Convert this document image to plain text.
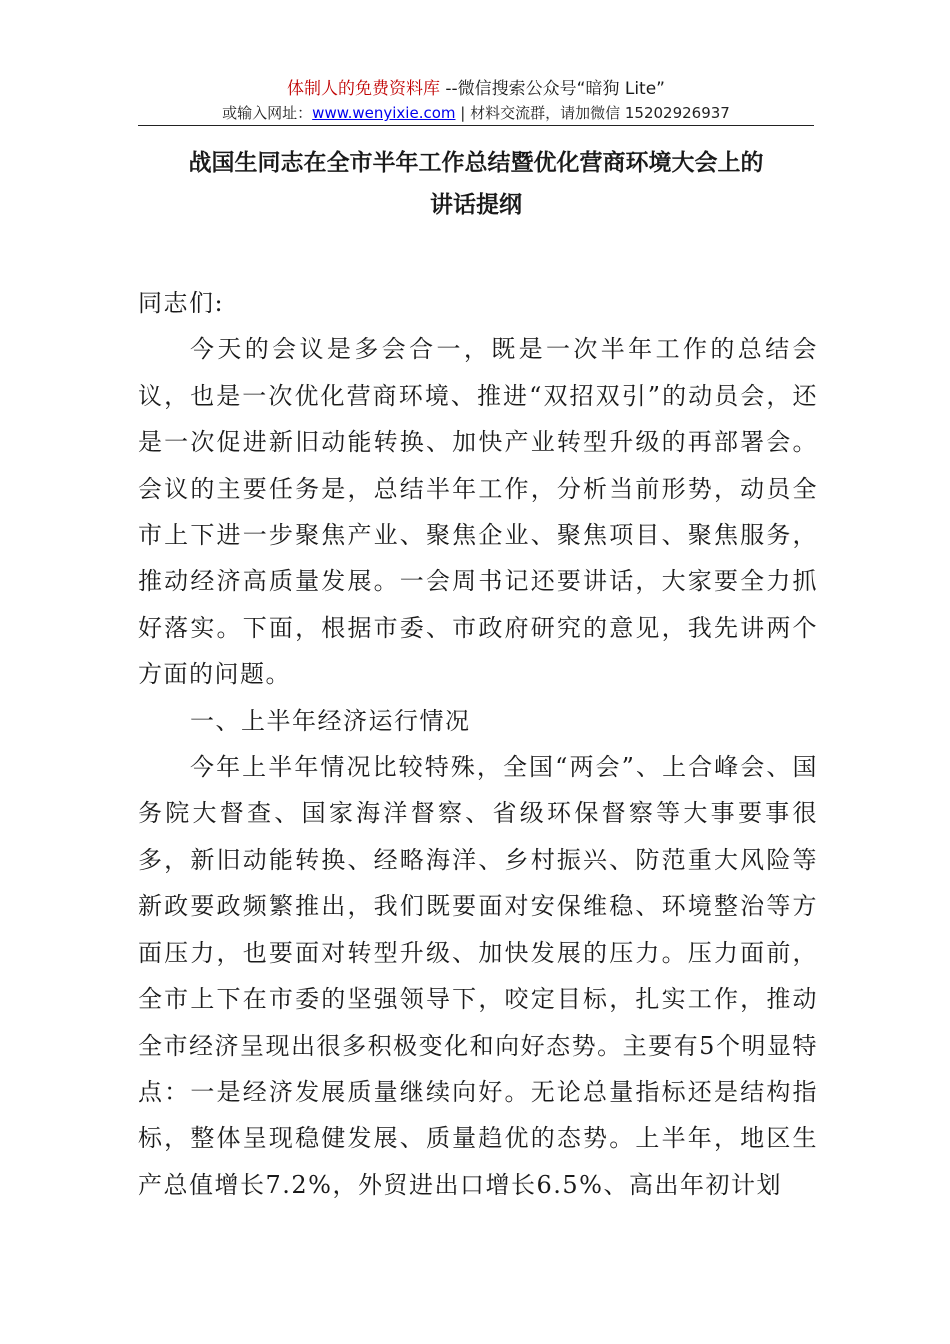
体制人的免费资料库 --微信搜索公众号“暗狗 Lite”
或输入网址：www.wenyixie.com | 材料交流群，请加微信 15202926937
战国生同志在全市半年工作总结暨优化营商环境大会上的
讲话提纲

同志们:

今天的会议是多会合一，既是一次半年工作的总结会议，也是一次优化营商环境、推进“双招双引”的动员会，还是一次促进新旧动能转换、加快产业转型升级的再部署会。会议的主要任务是，总结半年工作，分析当前形势，动员全市上下进一步聚焦产业、聚焦企业、聚焦项目、聚焦服务，推动经济高质量发展。一会周书记还要讲话，大家要全力抓好落实。下面，根据市委、市政府研究的意见，我先讲两个方面的问题。

一、上半年经济运行情况

今年上半年情况比较特殊，全国“两会”、上合峰会、国务院大督查、国家海洋督察、省级环保督察等大事要事很多，新旧动能转换、经略海洋、乡村振兴、防范重大风险等新政要政频繁推出，我们既要面对安保维稳、环境整治等方面压力，也要面对转型升级、加快发展的压力。压力面前，全市上下在市委的坚强领导下，咬定目标，扎实工作，推动全市经济呈现出很多积极变化和向好态势。主要有5个明显特点：一是经济发展质量继续向好。无论总量指标还是结构指标，整体呈现稳健发展、质量趋优的态势。上半年，地区生产总值增长7.2%，外贸进出口增长6.5%、高出年初计划
